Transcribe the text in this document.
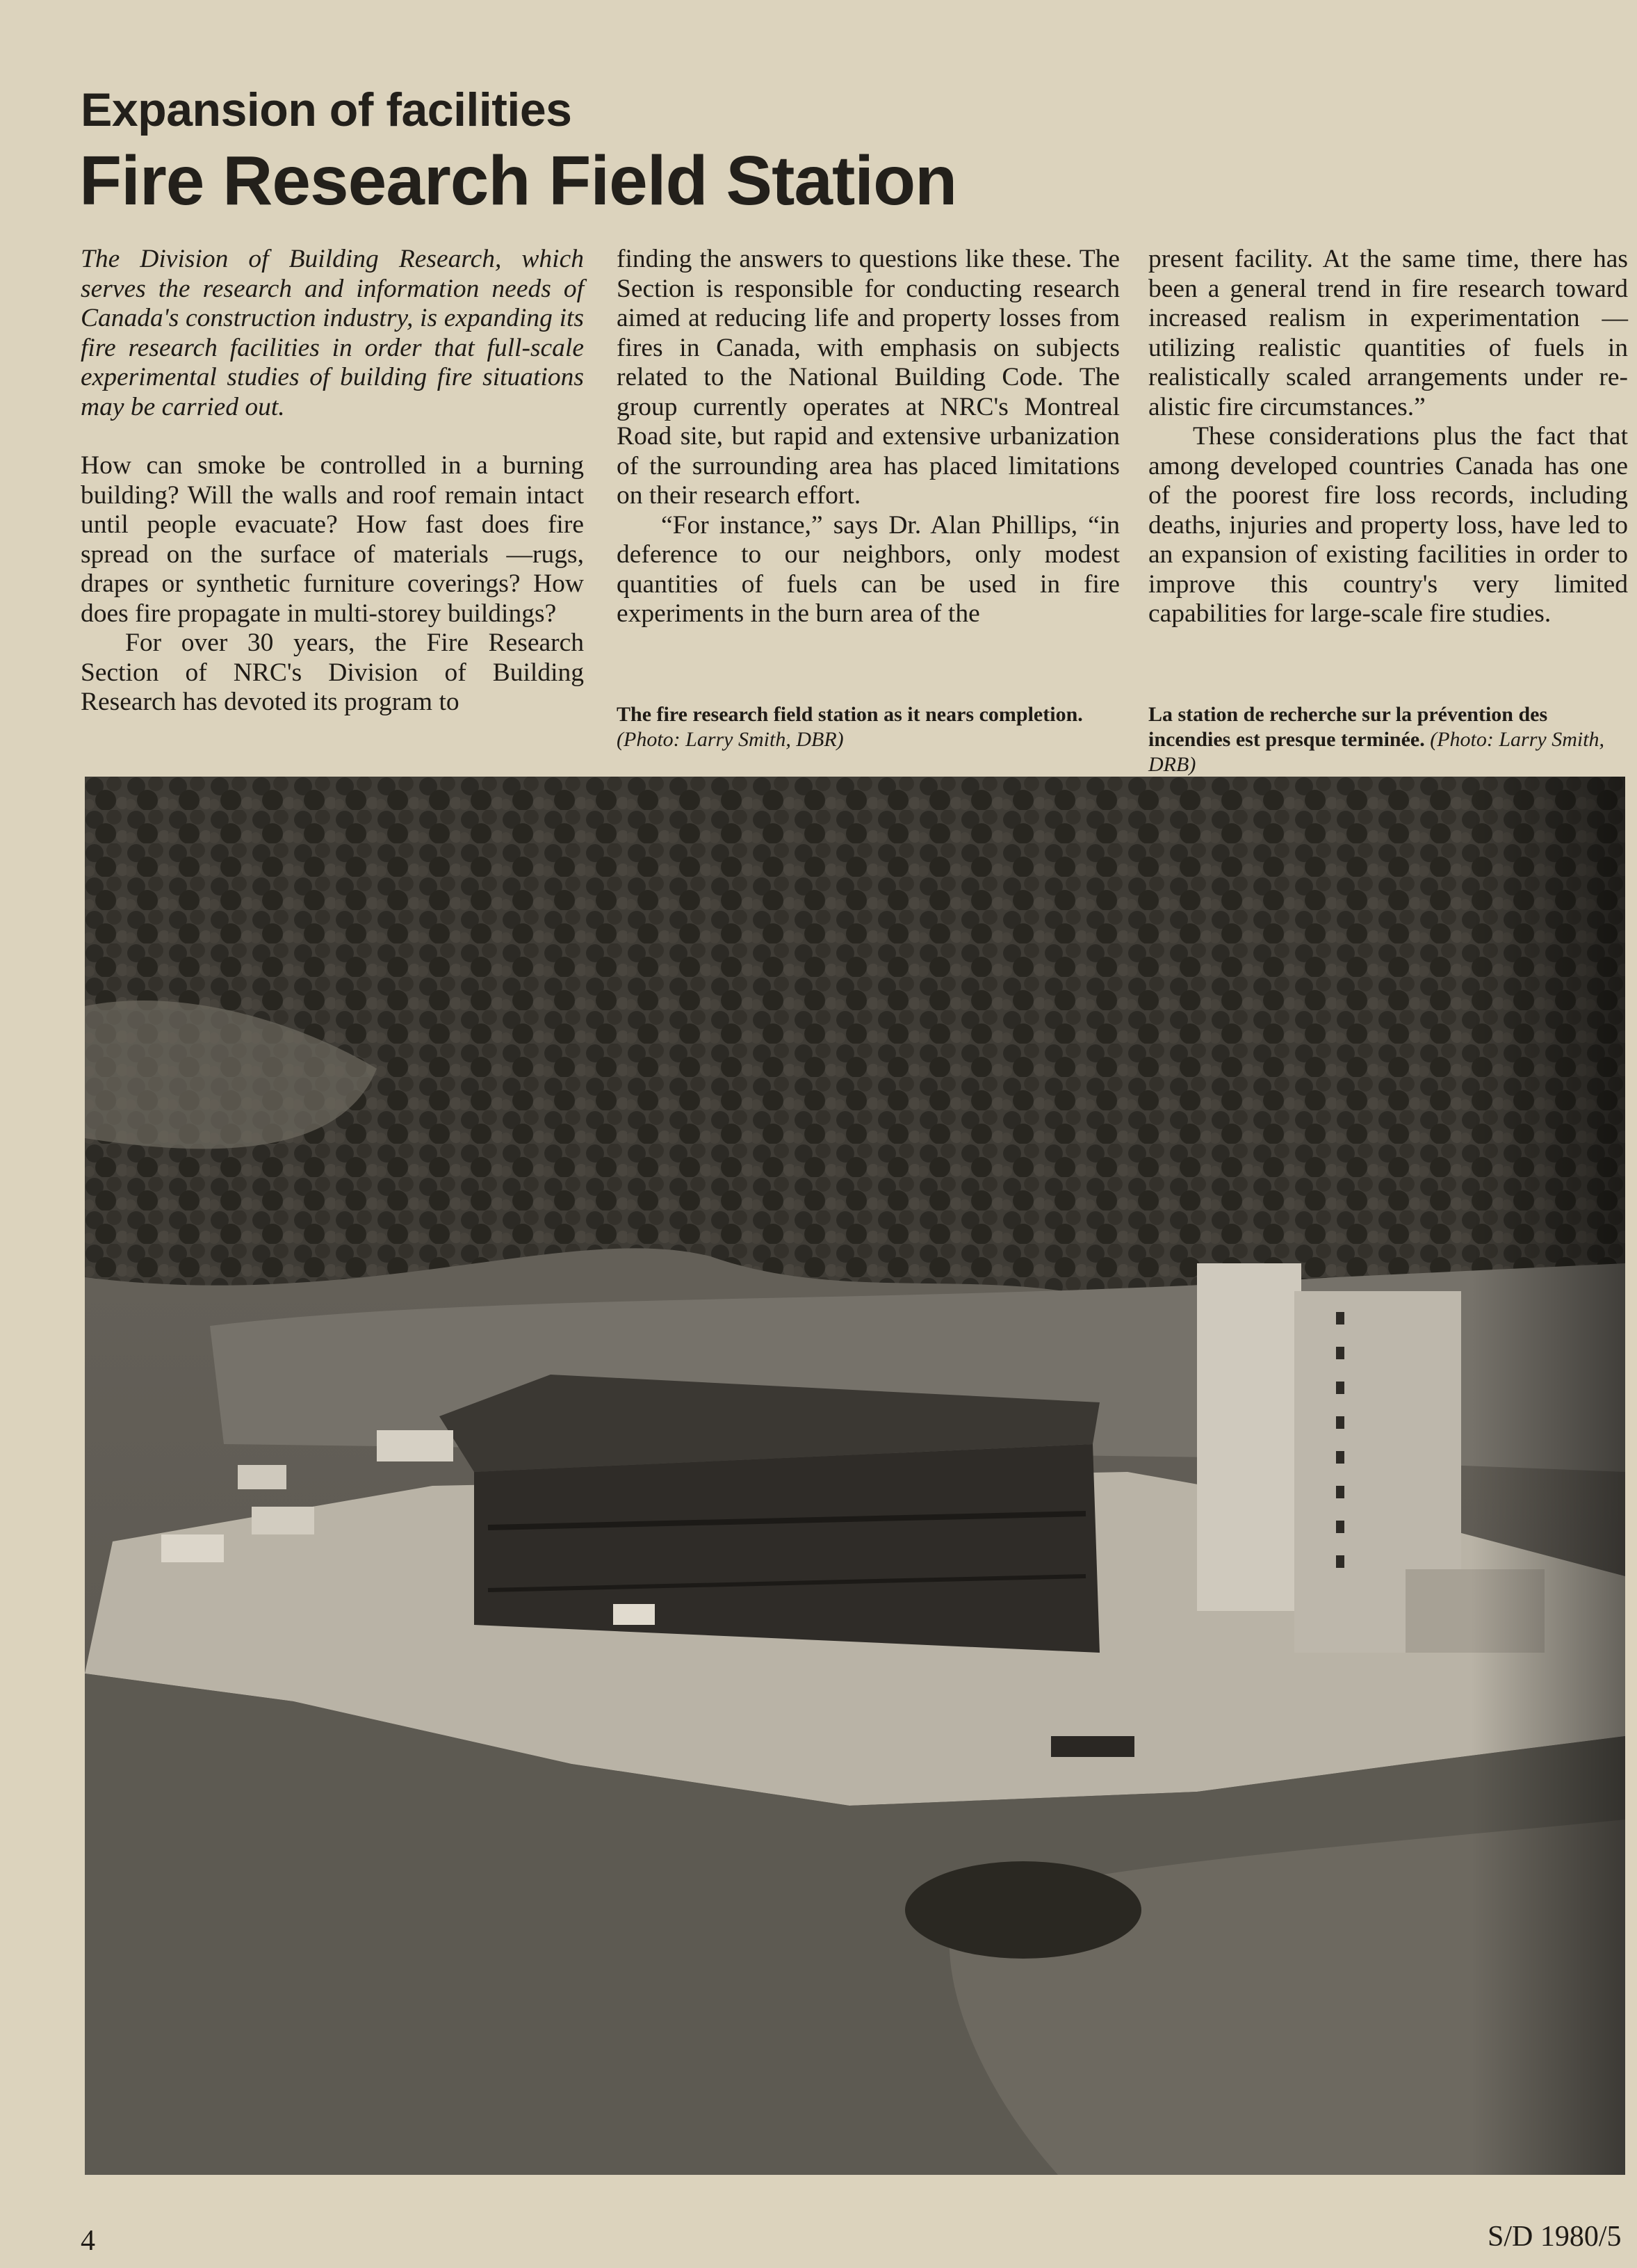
Expansion of facilities
Fire Research Field Station

The Division of Building Research, which serves the research and information needs of Canada's construction industry, is expanding its fire research facilities in order that full-scale experimental studies of building fire situations may be carried out.

How can smoke be controlled in a burning building? Will the walls and roof remain intact until people evacuate? How fast does fire spread on the surface of materials —rugs, drapes or synthetic furniture coverings? How does fire propagate in multi-storey buildings?

For over 30 years, the Fire Research Section of NRC's Division of Building Research has devoted its program to

finding the answers to questions like these. The Section is responsible for conducting research aimed at reducing life and property losses from fires in Canada, with emphasis on subjects related to the National Building Code. The group currently operates at NRC's Montreal Road site, but rapid and extensive urbanization of the surrounding area has placed limitations on their research effort.

“For instance,” says Dr. Alan Phillips, “in deference to our neighbors, only modest quantities of fuels can be used in fire experiments in the burn area of the

present facility. At the same time, there has been a general trend in fire research toward increased realism in experimentation —utilizing realistic quantities of fuels in realistically scaled arrangements under realistic fire circumstances.”

These considerations plus the fact that among developed countries Canada has one of the poorest fire loss records, including deaths, injuries and property loss, have led to an expansion of existing facilities in order to improve this country's very limited capabilities for large-scale fire studies.

The fire research field station as it nears completion. (Photo: Larry Smith, DBR)
La station de recherche sur la prévention des incendies est presque terminée. (Photo: Larry Smith, DRB)
4	S/D 1980/5
